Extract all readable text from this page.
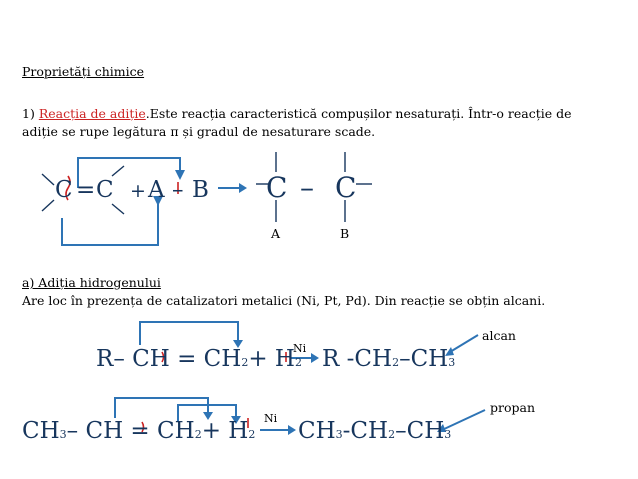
Proprietăți chimice
1) Reacția de adiție.Este reacția caracteristică compușilor nesaturați. Într-o reacție de
adiție se rupe legătura π și gradul de nesaturare scade.
C = C + A – B C – C
A	B
a) Adiția hidrogenului
Are loc în prezența de catalizatori metalici (Ni, Pt, Pd). Din reacție se obțin alcani.
R– CH = CH2+ H2
Ni R -CH2–CH3
alcan
CH3– CH = CH2+ H2
Ni CH3-CH2–CH3
propan
